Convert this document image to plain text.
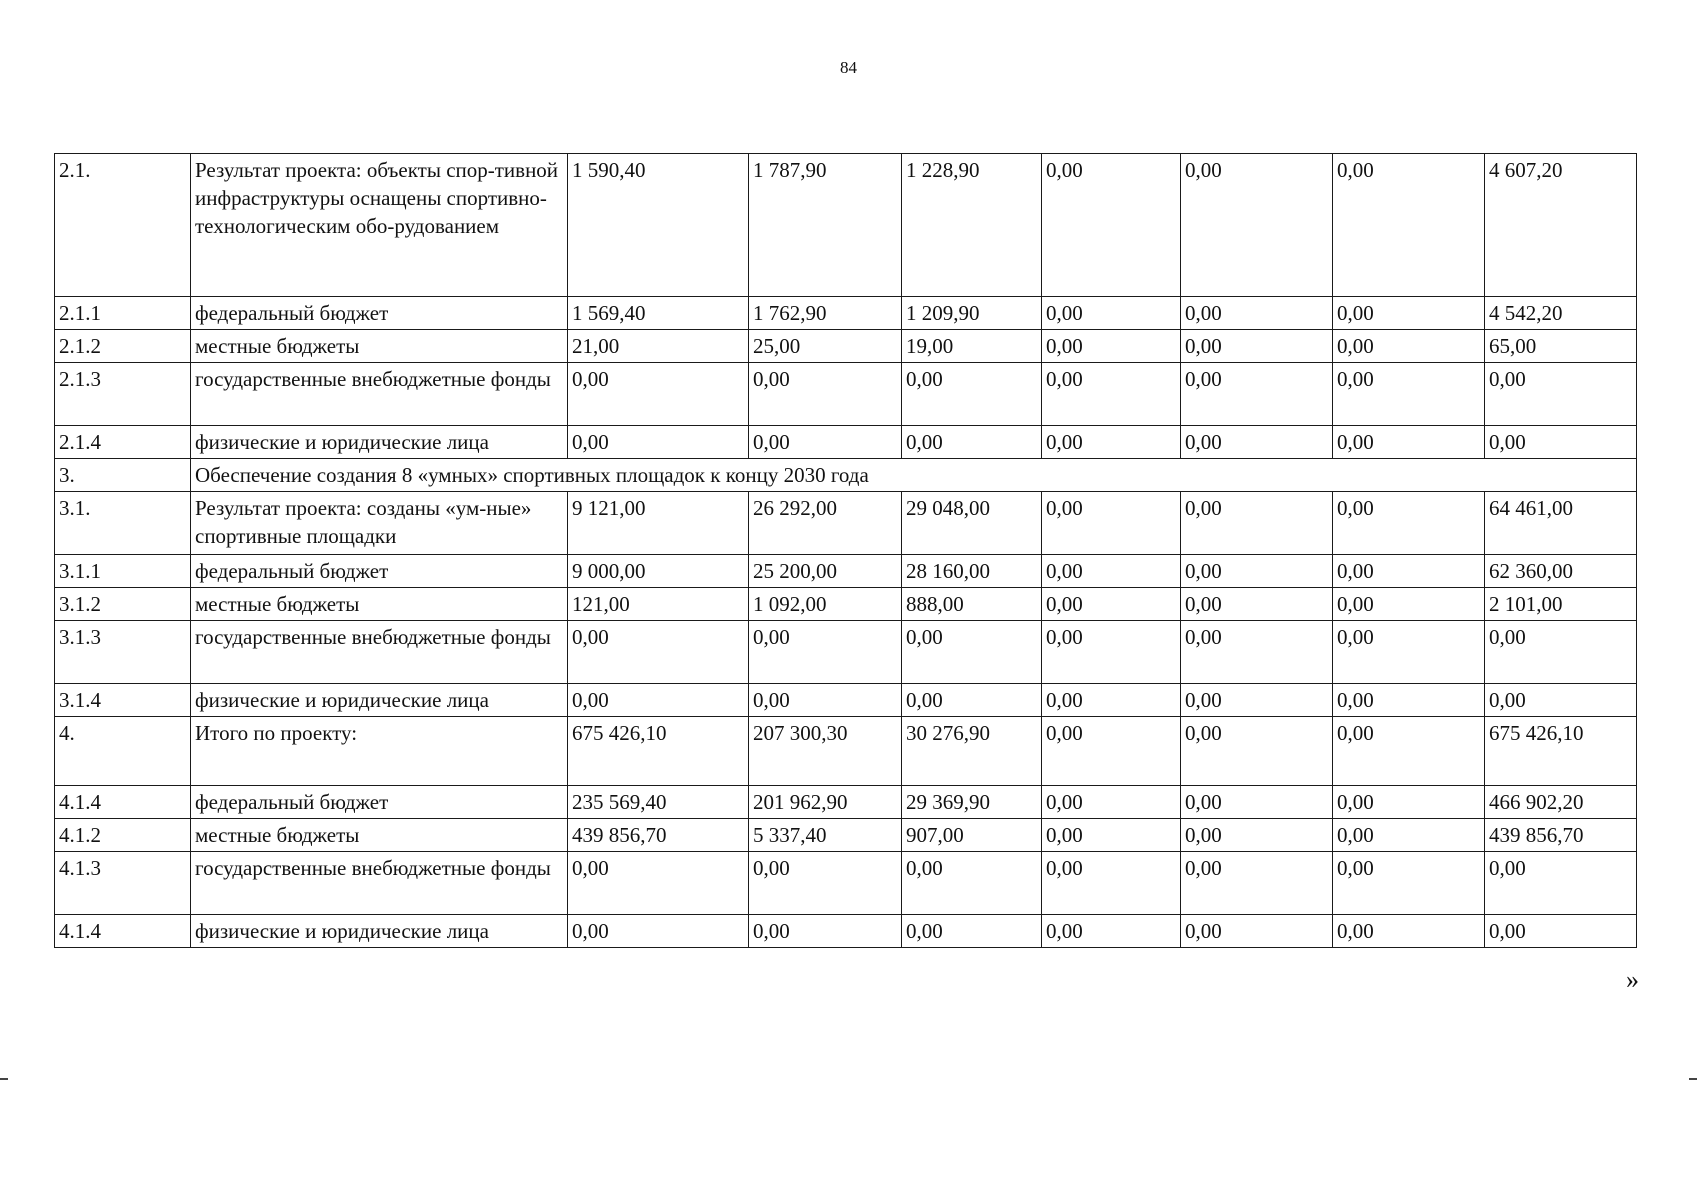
84
2.1.	Результат проекта: объекты спор-тивной инфраструктуры оснащены спортивно-технологическим обо-рудованием	1 590,40	1 787,90	1 228,90	0,00	0,00	0,00	4 607,20
2.1.1	федеральный бюджет	1 569,40	1 762,90	1 209,90	0,00	0,00	0,00	4 542,20
2.1.2	местные бюджеты	21,00	25,00	19,00	0,00	0,00	0,00	65,00
2.1.3	государственные внебюджетные фонды	0,00	0,00	0,00	0,00	0,00	0,00	0,00
2.1.4	физические и юридические лица	0,00	0,00	0,00	0,00	0,00	0,00	0,00
3.	Обеспечение создания 8 «умных» спортивных площадок к концу 2030 года							
3.1.	Результат проекта: созданы «ум-ные» спортивные площадки	9 121,00	26 292,00	29 048,00	0,00	0,00	0,00	64 461,00
3.1.1	федеральный бюджет	9 000,00	25 200,00	28 160,00	0,00	0,00	0,00	62 360,00
3.1.2	местные бюджеты	121,00	1 092,00	888,00	0,00	0,00	0,00	2 101,00
3.1.3	государственные внебюджетные фонды	0,00	0,00	0,00	0,00	0,00	0,00	0,00
3.1.4	физические и юридические лица	0,00	0,00	0,00	0,00	0,00	0,00	0,00
4.	Итого по проекту:	675 426,10	207 300,30	30 276,90	0,00	0,00	0,00	675 426,10
4.1.4	федеральный бюджет	235 569,40	201 962,90	29 369,90	0,00	0,00	0,00	466 902,20
4.1.2	местные бюджеты	439 856,70	5 337,40	907,00	0,00	0,00	0,00	439 856,70
4.1.3	государственные внебюджетные фонды	0,00	0,00	0,00	0,00	0,00	0,00	0,00
4.1.4	физические и юридические лица	0,00	0,00	0,00	0,00	0,00	0,00	0,00
»
